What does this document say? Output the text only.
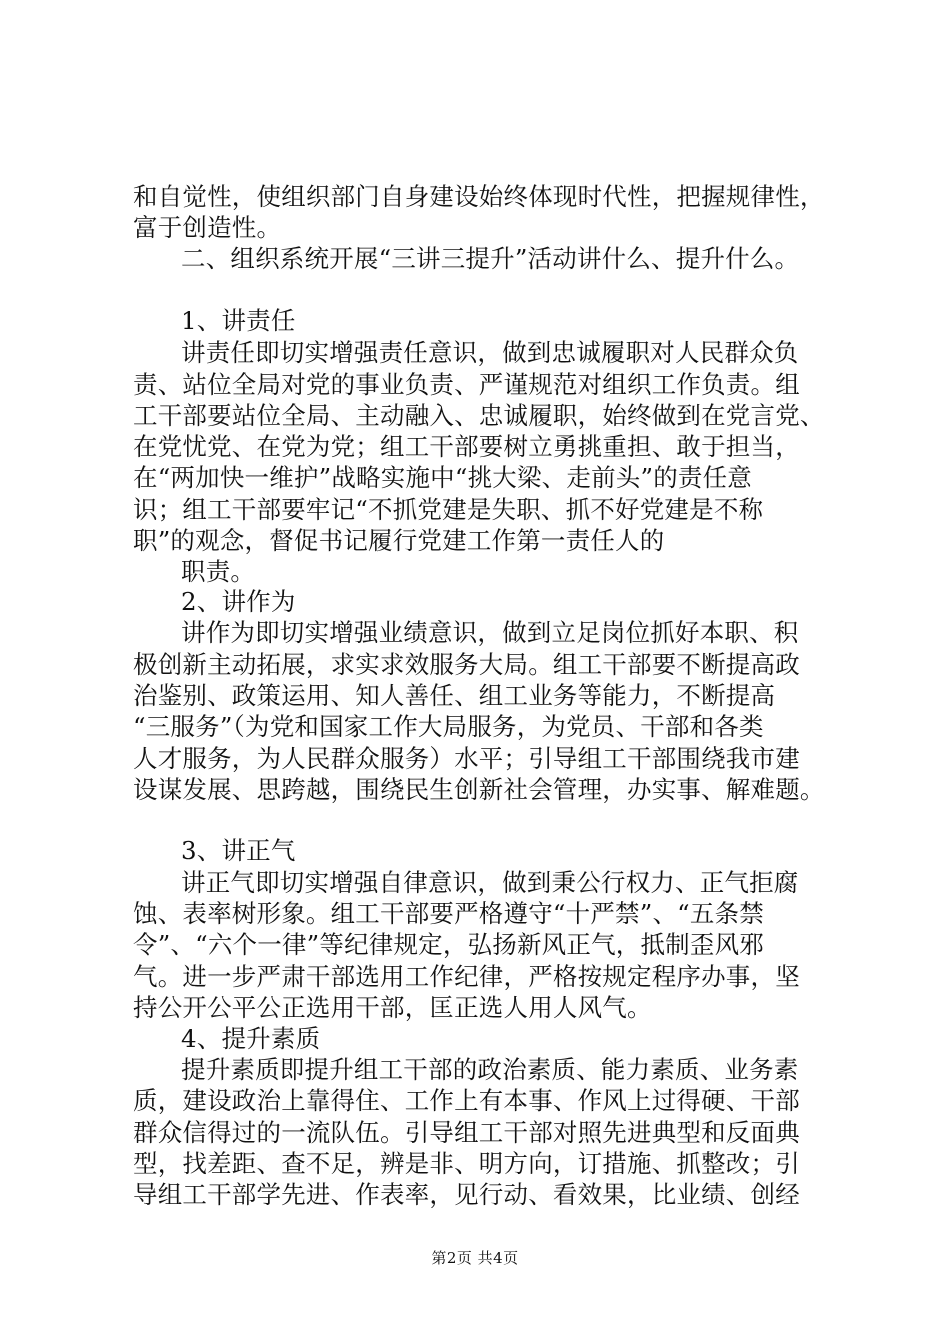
和自觉性，使组织部门自身建设始终体现时代性，把握规律性，
富于创造性。
二、组织系统开展“三讲三提升”活动讲什么、提升什么。
1、讲责任
讲责任即切实增强责任意识，做到忠诚履职对人民群众负
责、站位全局对党的事业负责、严谨规范对组织工作负责。组
工干部要站位全局、主动融入、忠诚履职，始终做到在党言党、
在党忧党、在党为党；组工干部要树立勇挑重担、敢于担当，
在“两加快一维护”战略实施中“挑大梁、走前头”的责任意
识；组工干部要牢记“不抓党建是失职、抓不好党建是不称
职”的观念，督促书记履行党建工作第一责任人的
职责。
2、讲作为
讲作为即切实增强业绩意识，做到立足岗位抓好本职、积
极创新主动拓展，求实求效服务大局。组工干部要不断提高政
治鉴别、政策运用、知人善任、组工业务等能力，不断提高
“三服务”（为党和国家工作大局服务，为党员、干部和各类
人才服务，为人民群众服务）水平；引导组工干部围绕我市建
设谋发展、思跨越，围绕民生创新社会管理，办实事、解难题。
3、讲正气
讲正气即切实增强自律意识，做到秉公行权力、正气拒腐
蚀、表率树形象。组工干部要严格遵守“十严禁”、“五条禁
令”、“六个一律”等纪律规定，弘扬新风正气，抵制歪风邪
气。进一步严肃干部选用工作纪律，严格按规定程序办事，坚
持公开公平公正选用干部，匡正选人用人风气。
4、提升素质
提升素质即提升组工干部的政治素质、能力素质、业务素
质，建设政治上靠得住、工作上有本事、作风上过得硬、干部
群众信得过的一流队伍。引导组工干部对照先进典型和反面典
型，找差距、查不足，辨是非、明方向，订措施、抓整改；引
导组工干部学先进、作表率，见行动、看效果，比业绩、创经
第2页 共4页
